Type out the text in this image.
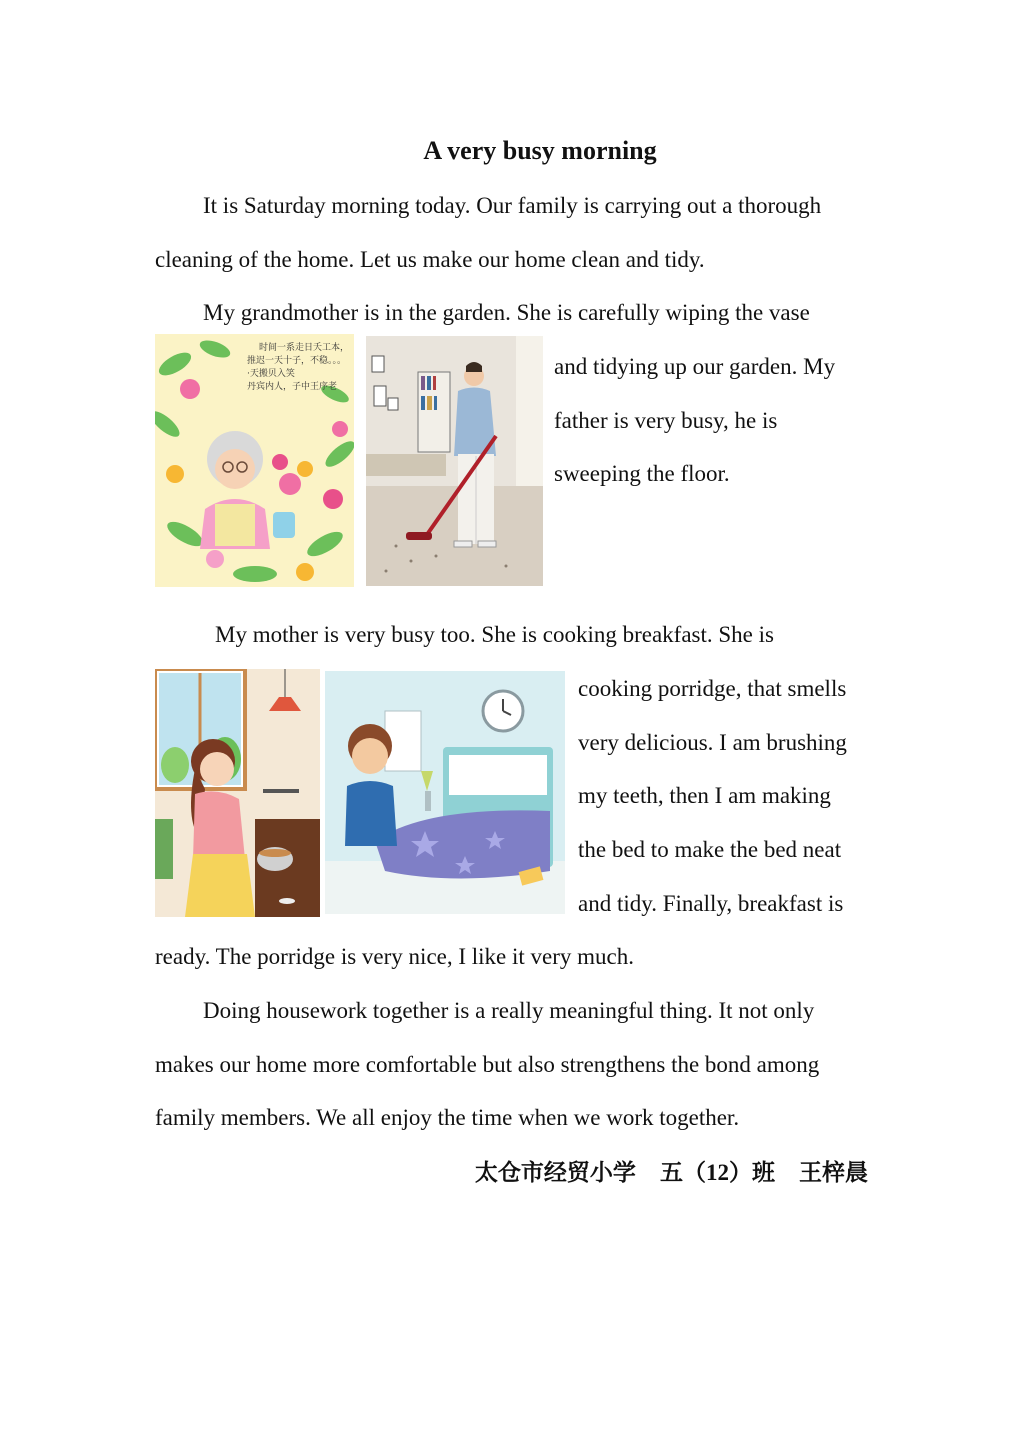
A very busy morning
It is Saturday morning today. Our family is carrying out a thorough
cleaning of the home. Let us make our home clean and tidy.
My grandmother is in the garden. She is carefully wiping the vase
时间一系走日夭工本，
推迟一天十子，不稳。。。
·天搬贝入笑
丹宾内人，子中王序老
and tidying up our garden. My
father is very busy, he is
sweeping the floor.
My mother is very busy too. She is cooking breakfast. She is
cooking porridge, that smells
very delicious. I am brushing
my teeth, then I am making
the bed to make the bed neat
and tidy. Finally, breakfast is
ready. The porridge is very nice, I like it very much.
Doing housework together is a really meaningful thing. It not only
makes our home more comfortable but also strengthens the bond among
family members. We all enjoy the time when we work together.
太仓市经贸小学 五（12）班 王梓晨
